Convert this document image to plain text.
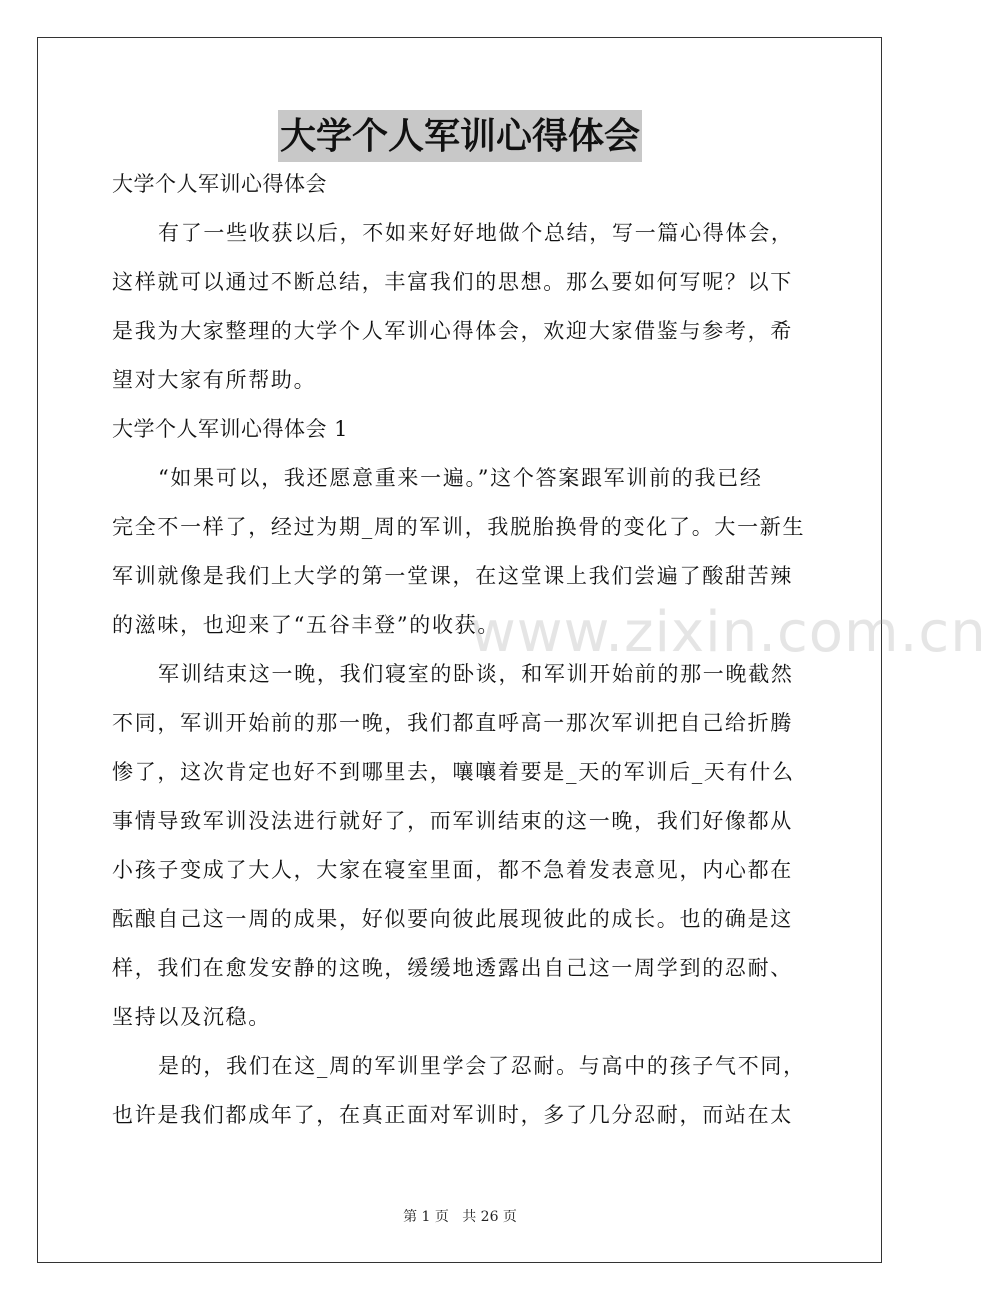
大学个人军训心得体会
大学个人军训心得体会
有了一些收获以后，不如来好好地做个总结，写一篇心得体会，
这样就可以通过不断总结，丰富我们的思想。那么要如何写呢？以下
是我为大家整理的大学个人军训心得体会，欢迎大家借鉴与参考，希
望对大家有所帮助。
大学个人军训心得体会 1
“如果可以，我还愿意重来一遍。”这个答案跟军训前的我已经
完全不一样了，经过为期_周的军训，我脱胎换骨的变化了。大一新生
军训就像是我们上大学的第一堂课，在这堂课上我们尝遍了酸甜苦辣
的滋味，也迎来了“五谷丰登”的收获。
军训结束这一晚，我们寝室的卧谈，和军训开始前的那一晚截然
不同，军训开始前的那一晚，我们都直呼高一那次军训把自己给折腾
惨了，这次肯定也好不到哪里去，嚷嚷着要是_天的军训后_天有什么
事情导致军训没法进行就好了，而军训结束的这一晚，我们好像都从
小孩子变成了大人，大家在寝室里面，都不急着发表意见，内心都在
酝酿自己这一周的成果，好似要向彼此展现彼此的成长。也的确是这
样，我们在愈发安静的这晚，缓缓地透露出自己这一周学到的忍耐、
坚持以及沉稳。
是的，我们在这_周的军训里学会了忍耐。与高中的孩子气不同，
也许是我们都成年了，在真正面对军训时，多了几分忍耐，而站在太
www.zixin.com.cn
第 1 页   共 26 页
